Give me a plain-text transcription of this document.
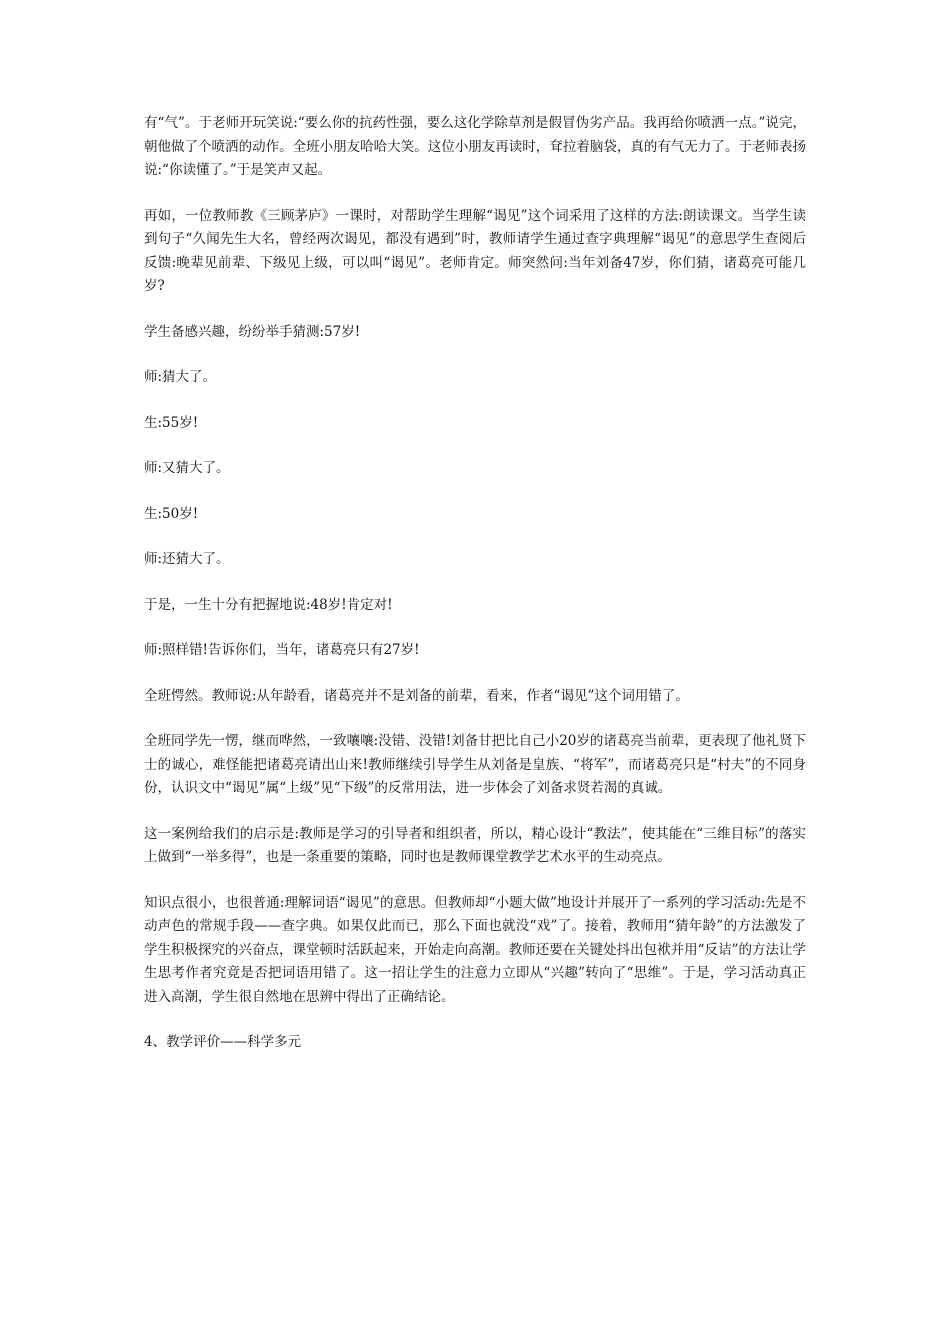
有“气”。于老师开玩笑说:“要么你的抗药性强，要么这化学除草剂是假冒伪劣产品。我再给你喷洒一点。”说完，朝他做了个喷洒的动作。全班小朋友哈哈大笑。这位小朋友再读时，耷拉着脑袋，真的有气无力了。于老师表扬说:“你读懂了。”于是笑声又起。

再如，一位教师教《三顾茅庐》一课时，对帮助学生理解“谒见”这个词采用了这样的方法:朗读课文。当学生读到句子“久闻先生大名，曾经两次谒见，都没有遇到”时，教师请学生通过查字典理解“谒见”的意思学生查阅后反馈:晚辈见前辈、下级见上级，可以叫“谒见”。老师肯定。师突然问:当年刘备47岁，你们猜，诸葛亮可能几岁?

学生备感兴趣，纷纷举手猜测:57岁!

师:猜大了。

生:55岁!

师:又猜大了。

生:50岁!

师:还猜大了。

于是，一生十分有把握地说:48岁!肯定对!

师:照样错!告诉你们，当年，诸葛亮只有27岁!

全班愕然。教师说:从年龄看，诸葛亮并不是刘备的前辈，看来，作者“谒见”这个词用错了。

全班同学先一愣，继而哗然，一致嚷嚷:没错、没错!刘备甘把比自己小20岁的诸葛亮当前辈，更表现了他礼贤下士的诚心，难怪能把诸葛亮请出山来!教师继续引导学生从刘备是皇族、“将军”，而诸葛亮只是“村夫”的不同身份，认识文中“谒见”属“上级”见“下级”的反常用法，进一步体会了刘备求贤若渴的真诚。

这一案例给我们的启示是:教师是学习的引导者和组织者，所以，精心设计“教法”，使其能在“三维目标”的落实上做到“一举多得”，也是一条重要的策略，同时也是教师课堂教学艺术水平的生动亮点。

知识点很小，也很普通:理解词语“谒见”的意思。但教师却“小题大做”地设计并展开了一系列的学习活动:先是不动声色的常规手段——查字典。如果仅此而已，那么下面也就没“戏”了。接着，教师用“猜年龄”的方法激发了学生积极探究的兴奋点，课堂顿时活跃起来，开始走向高潮。教师还要在关键处抖出包袱并用“反诘”的方法让学生思考作者究竟是否把词语用错了。这一招让学生的注意力立即从“兴趣”转向了“思维”。于是，学习活动真正进入高潮，学生很自然地在思辨中得出了正确结论。

4、教学评价——科学多元
